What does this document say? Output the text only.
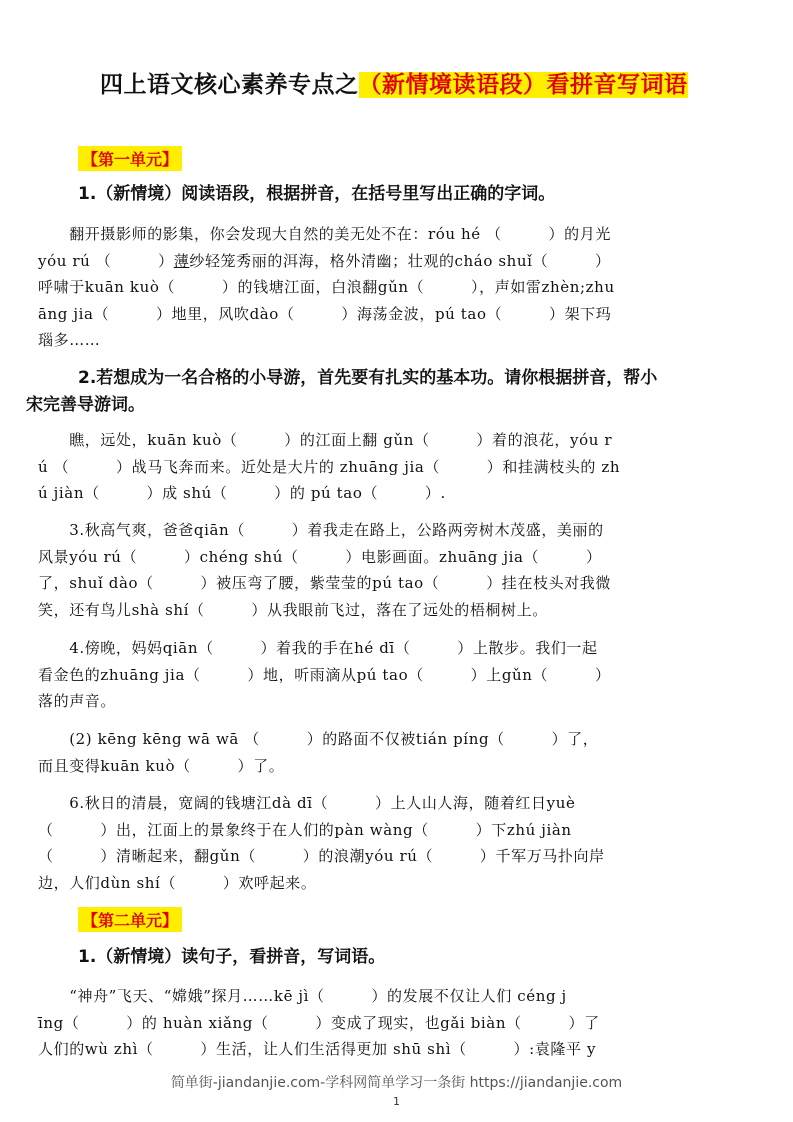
四上语文核心素养专点之（新情境读语段）看拼音写词语
【第一单元】
1.（新情境）阅读语段，根据拼音，在括号里写出正确的字词。
　　翻开摄影师的影集，你会发现大自然的美无处不在：róu hé （　　　）的月光
yóu rú （　　　）薄纱轻笼秀丽的洱海，格外清幽；壮观的cháo shuǐ（　　　）
呼啸于kuān kuò（　　　）的钱塘江面，白浪翻gǔn（　　　），声如雷zhèn;zhu
āng jia（　　　）地里，风吹dào（　　　）海荡金波，pú tao（　　　）架下玛
瑙多……
2.若想成为一名合格的小导游，首先要有扎实的基本功。请你根据拼音，帮小
宋完善导游词。
　　瞧，远处，kuān kuò（　　　）的江面上翻 gǔn（　　　）着的浪花，yóu r
ú （　　　）战马飞奔而来。近处是大片的 zhuāng jia（　　　）和挂满枝头的 zh
ú jiàn（　　　）成 shú（　　　）的 pú tao（　　　）.
　　3.秋高气爽，爸爸qiān（　　　）着我走在路上，公路两旁树木茂盛，美丽的
风景yóu rú（　　　）chéng shú（　　　）电影画面。zhuāng jia（　　　）
了，shuǐ dào（　　　）被压弯了腰，紫莹莹的pú tao（　　　）挂在枝头对我微
笑，还有鸟儿shà shí（　　　）从我眼前飞过，落在了远处的梧桐树上。
　　4.傍晚，妈妈qiān（　　　）着我的手在hé dī（　　　）上散步。我们一起
看金色的zhuāng jia（　　　）地，听雨滴从pú tao（　　　）上gǔn（　　　）
落的声音。
　　(2) kēng kēng wā wā （　　　）的路面不仅被tián píng（　　　）了，
而且变得kuān kuò（　　　）了。
　　6.秋日的清晨，宽阔的钱塘江dà dī（　　　）上人山人海，随着红日yuè
（　　　）出，江面上的景象终于在人们的pàn wàng（　　　）下zhú jiàn
（　　　）清晰起来，翻gǔn（　　　）的浪潮yóu rú（　　　）千军万马扑向岸
边，人们dùn shí（　　　）欢呼起来。
【第二单元】
1.（新情境）读句子，看拼音，写词语。
　　“神舟”飞天、“嫦娥”探月……kē jì（　　　）的发展不仅让人们 céng j
īng（　　　）的 huàn xiǎng（　　　）变成了现实，也gǎi biàn（　　　）了
人们的wù zhì（　　　）生活，让人们生活得更加 shū shì（　　　）:袁隆平 y
简单街-jiandanjie.com-学科网简单学习一条街 https://jiandanjie.com
1
